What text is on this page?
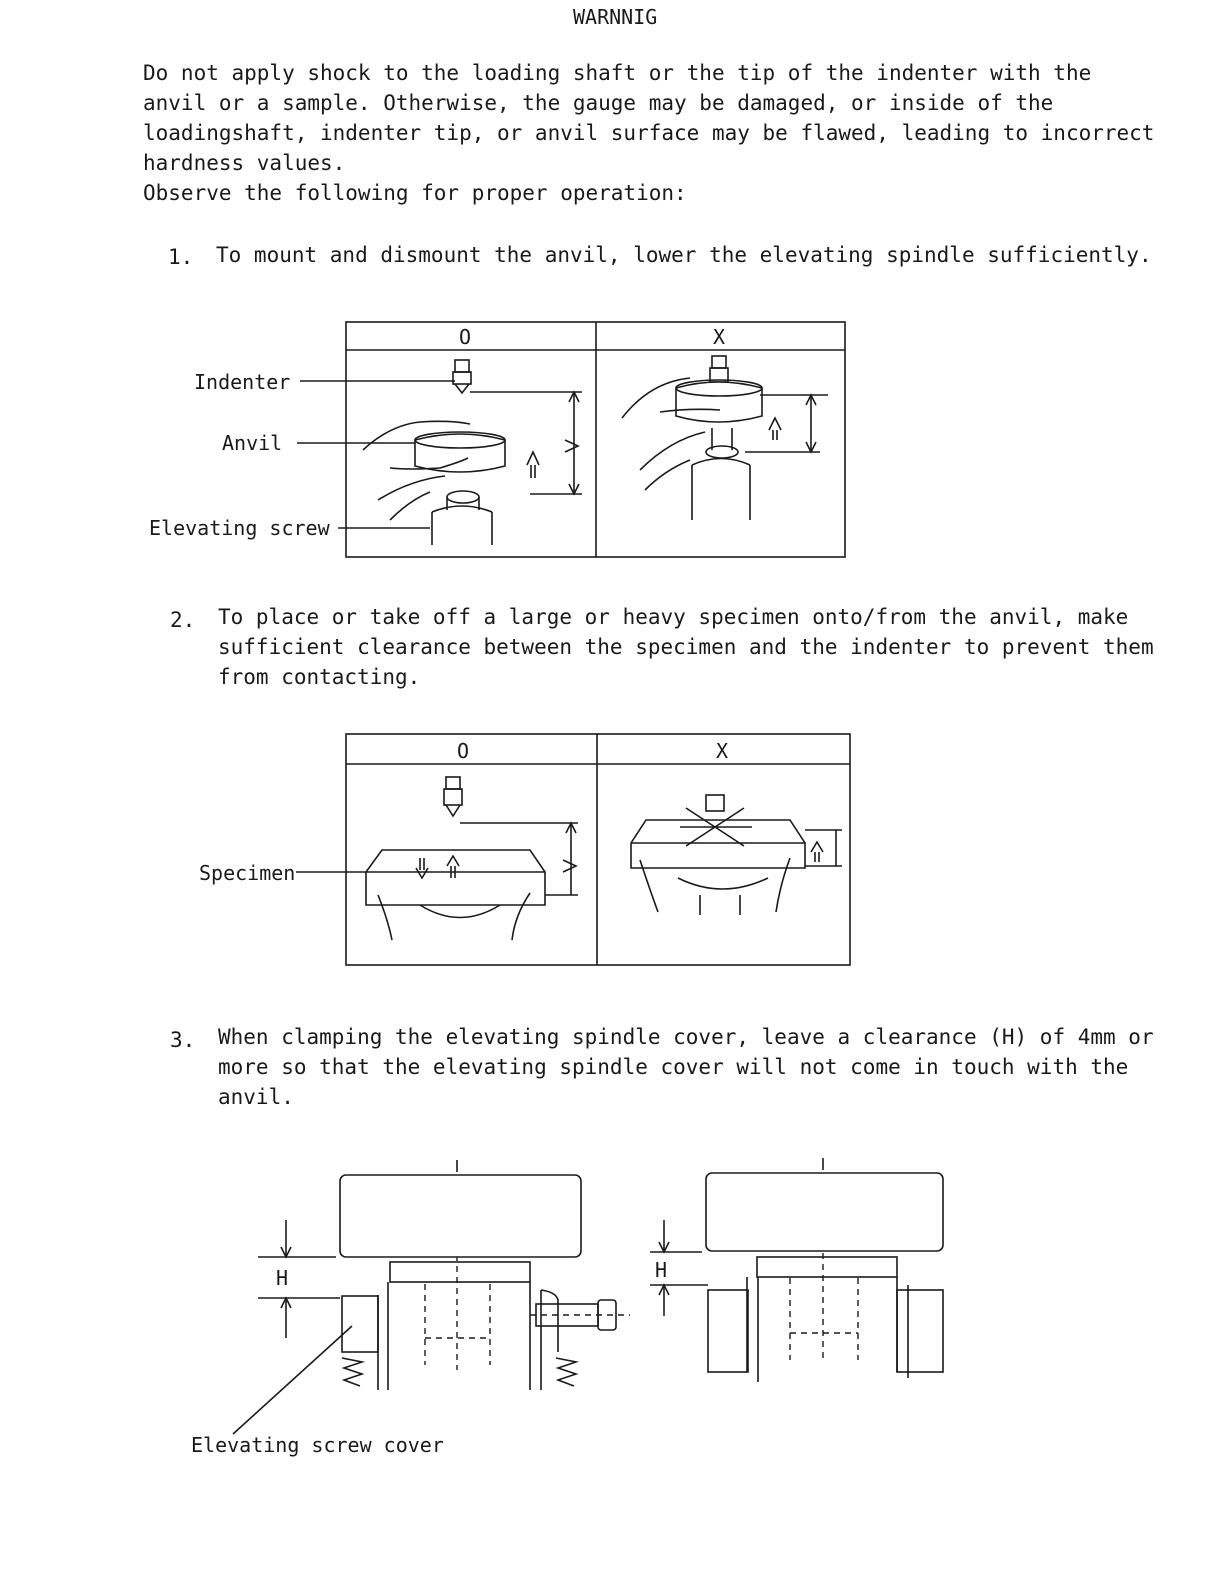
WARNNIG
Do not apply shock to the loading shaft or the tip of the indenter with the
anvil or a sample. Otherwise, the gauge may be damaged, or inside of the
loadingshaft, indenter tip, or anvil surface may be flawed, leading to incorrect
hardness values.
Observe the following for proper operation:
1. To mount and dismount the anvil, lower the elevating spindle sufficiently.
2. To place or take off a large or heavy specimen onto/from the anvil, make
sufficient clearance between the specimen and the indenter to prevent them
from contacting.
3. When clamping the elevating spindle cover, leave a clearance (H) of 4mm or
more so that the elevating spindle cover will not come in touch with the
anvil.
O	X
Indenter
Anvil
Elevating screw
O	X
Specimen
Elevating screw cover
H	H
